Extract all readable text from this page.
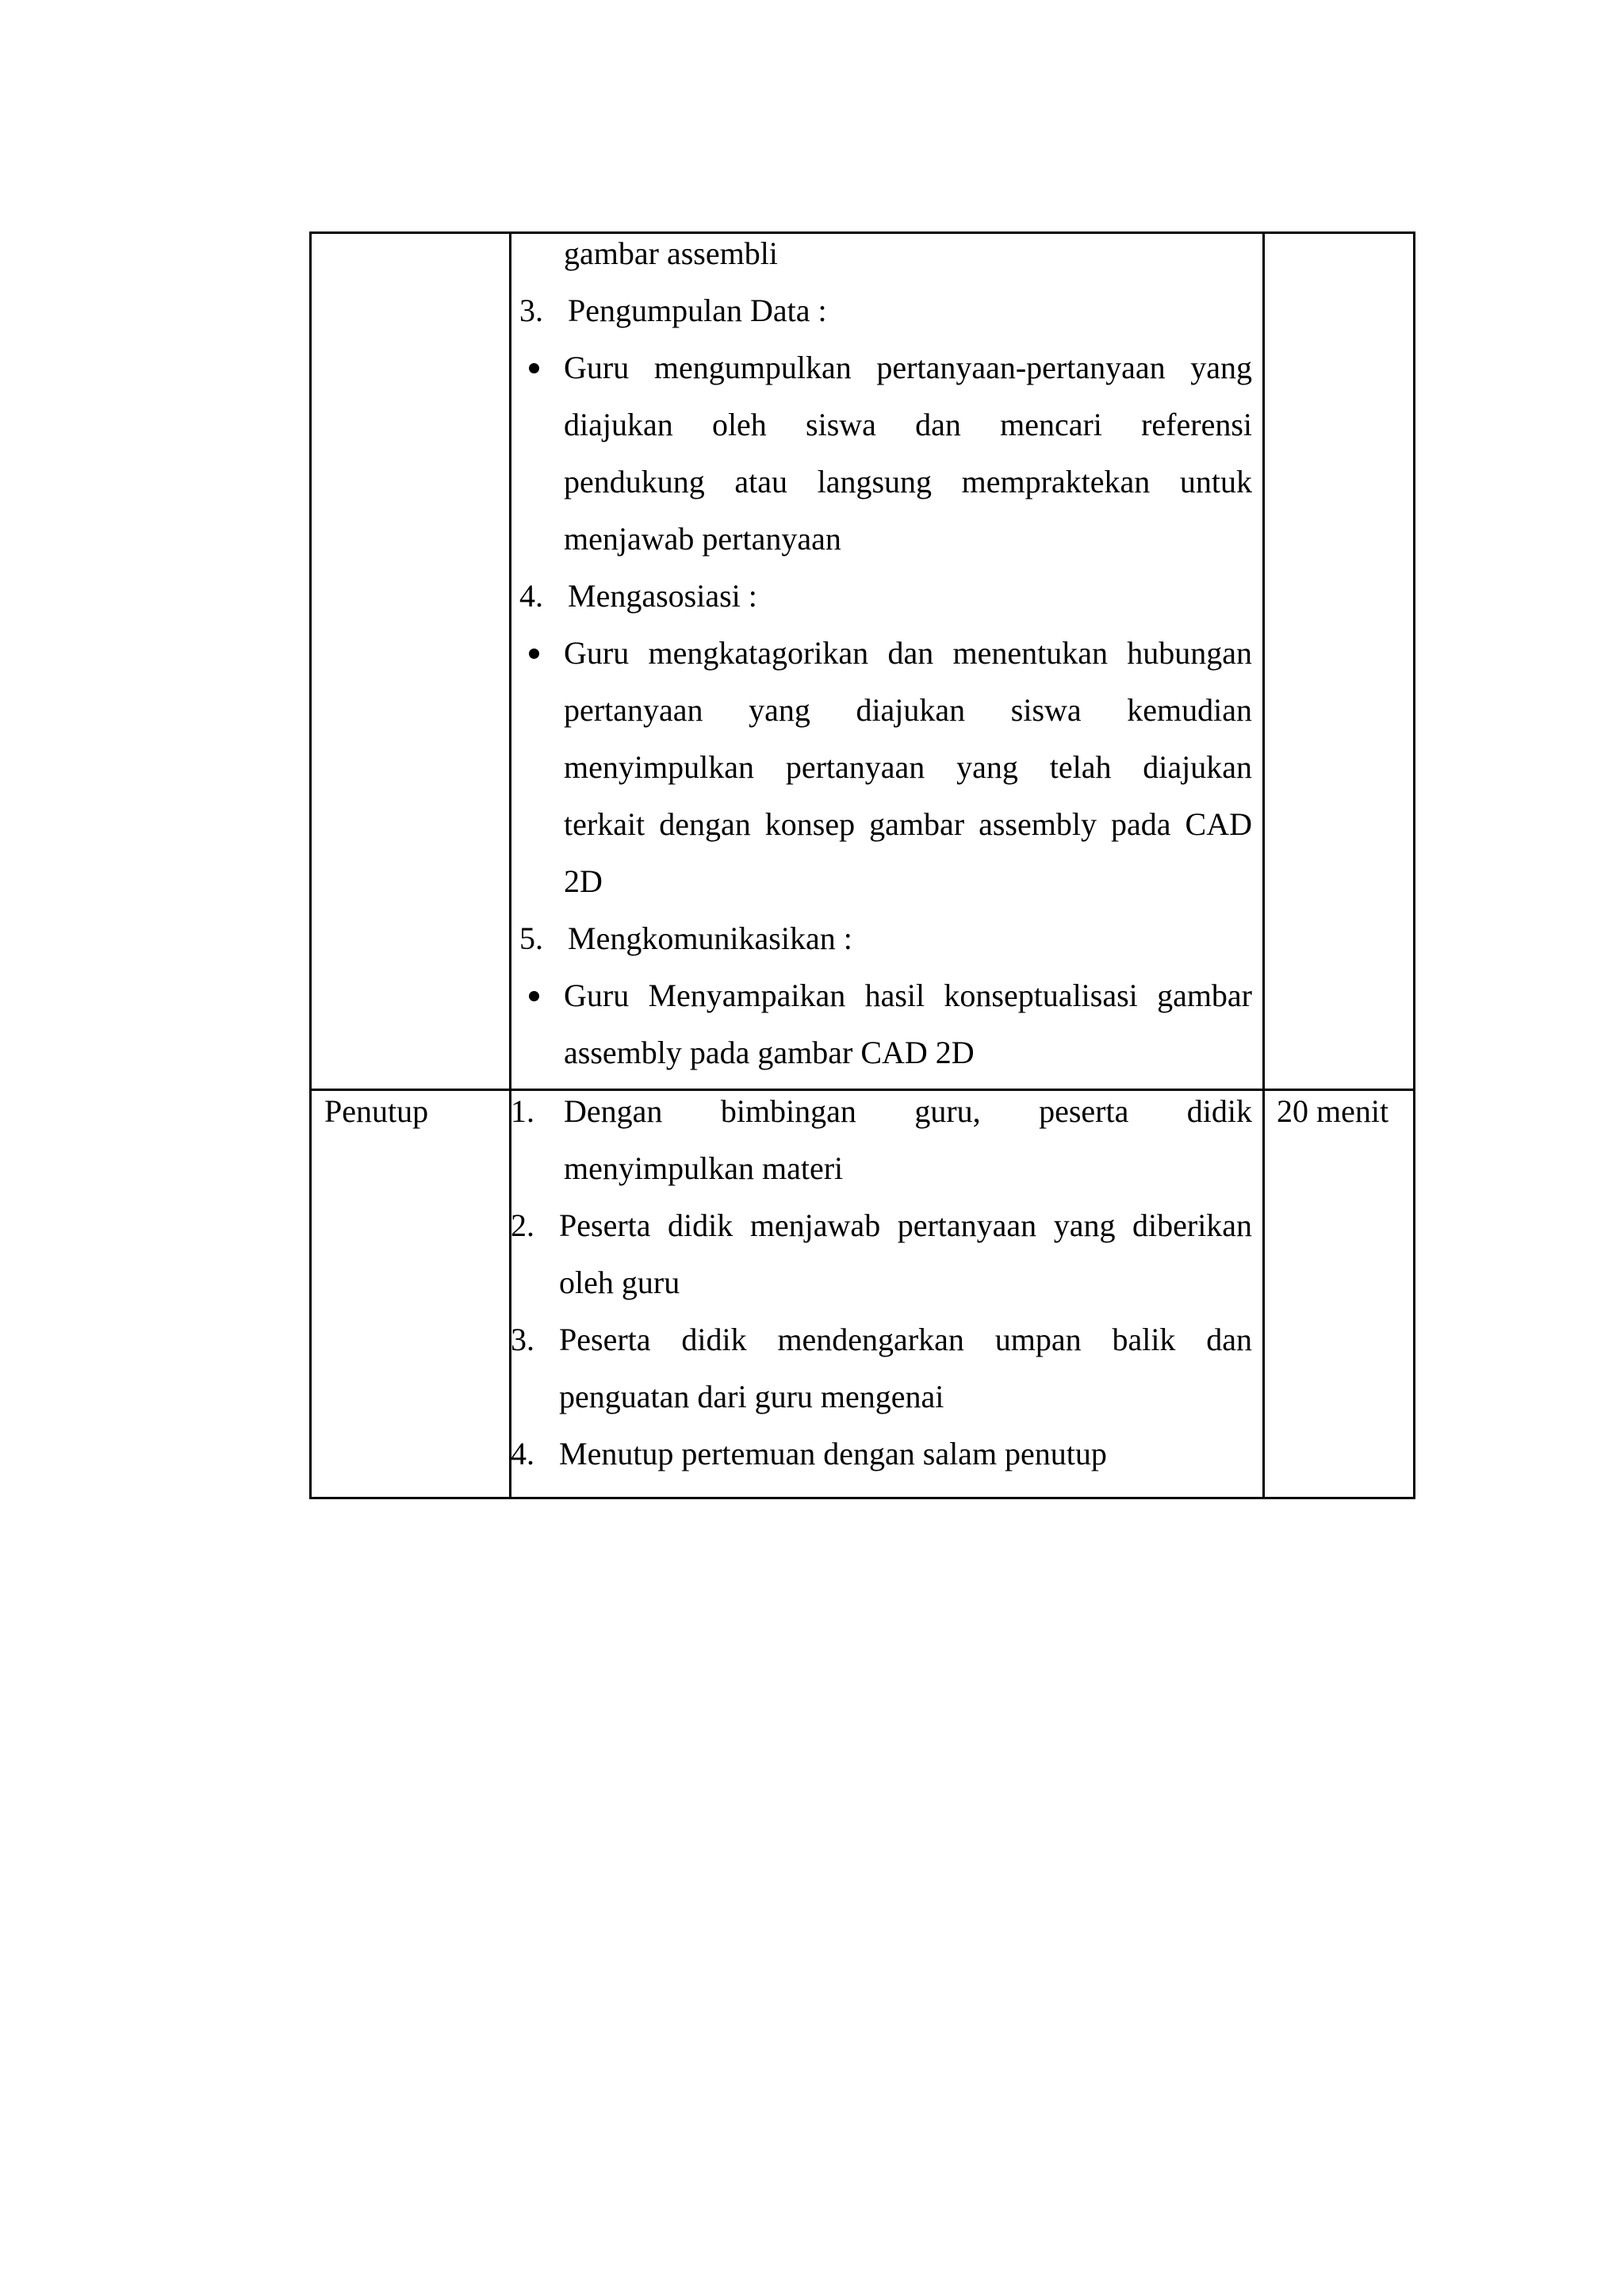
gambar assembli
3. Pengumpulan Data :
Guru mengumpulkan pertanyaan-pertanyaan yang
diajukan oleh siswa dan mencari referensi
pendukung atau langsung mempraktekan untuk
menjawab pertanyaan
4. Mengasosiasi :
Guru mengkatagorikan dan menentukan hubungan
pertanyaan yang diajukan siswa kemudian
menyimpulkan pertanyaan yang telah diajukan
terkait dengan konsep gambar assembly pada CAD
2D
5. Mengkomunikasikan :
Guru Menyampaikan hasil konseptualisasi gambar
assembly pada gambar CAD 2D
Penutup	20 menit
1. Dengan bimbingan guru, peserta didik
menyimpulkan materi
2. Peserta didik menjawab pertanyaan yang diberikan
oleh guru
3. Peserta didik mendengarkan umpan balik dan
penguatan dari guru mengenai
4. Menutup pertemuan dengan salam penutup
